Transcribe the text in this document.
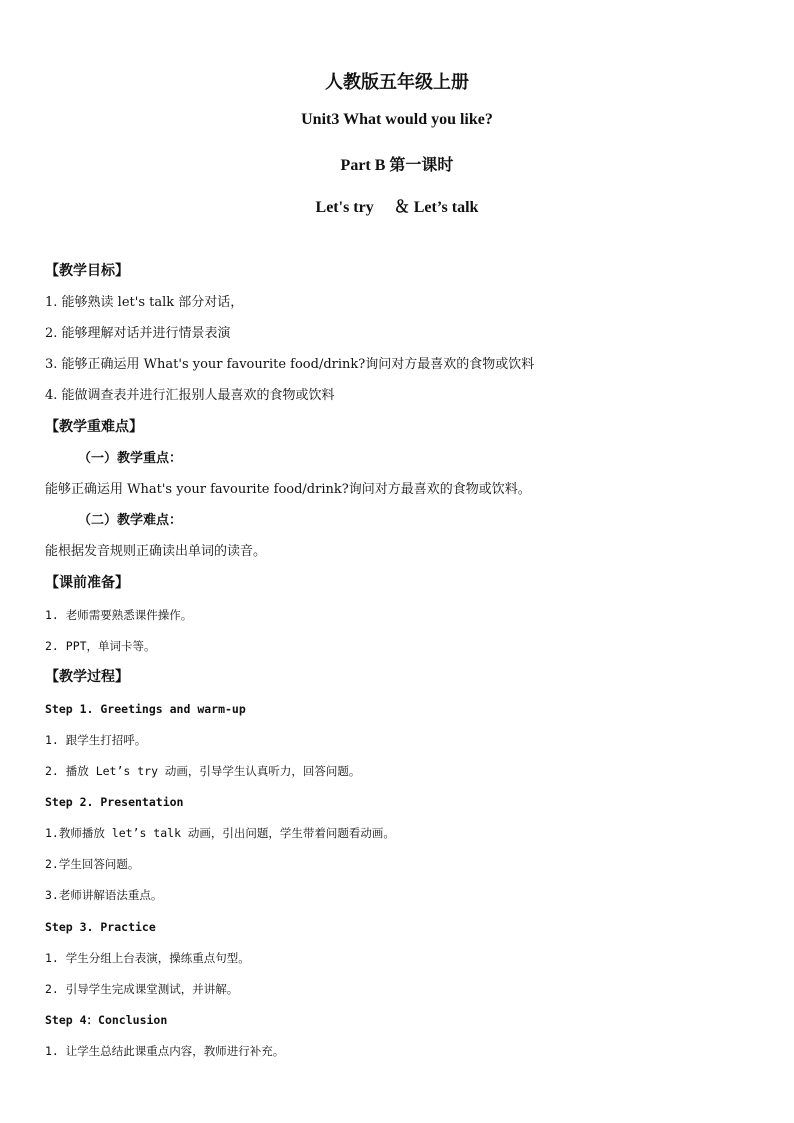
人教版五年级上册
Unit3 What would you like?
Part B 第一课时
Let's try　 ＆ Let’s talk
【教学目标】
1. 能够熟读 let's talk 部分对话，
2. 能够理解对话并进行情景表演
3. 能够正确运用 What's your favourite food/drink?询问对方最喜欢的食物或饮料
4. 能做调查表并进行汇报别人最喜欢的食物或饮料
【教学重难点】
（一）教学重点：
能够正确运用 What's your favourite food/drink?询问对方最喜欢的食物或饮料。
（二）教学难点：
能根据发音规则正确读出单词的读音。
【课前准备】
1. 老师需要熟悉课件操作。
2. PPT，单词卡等。
【教学过程】
Step 1. Greetings and warm-up
1. 跟学生打招呼。
2. 播放 Let’s try 动画，引导学生认真听力，回答问题。
Step 2. Presentation
1.教师播放 let’s talk 动画，引出问题，学生带着问题看动画。
2.学生回答问题。
3.老师讲解语法重点。
Step 3. Practice
1. 学生分组上台表演，操练重点句型。
2. 引导学生完成课堂测试，并讲解。
Step 4：Conclusion
1. 让学生总结此课重点内容，教师进行补充。
